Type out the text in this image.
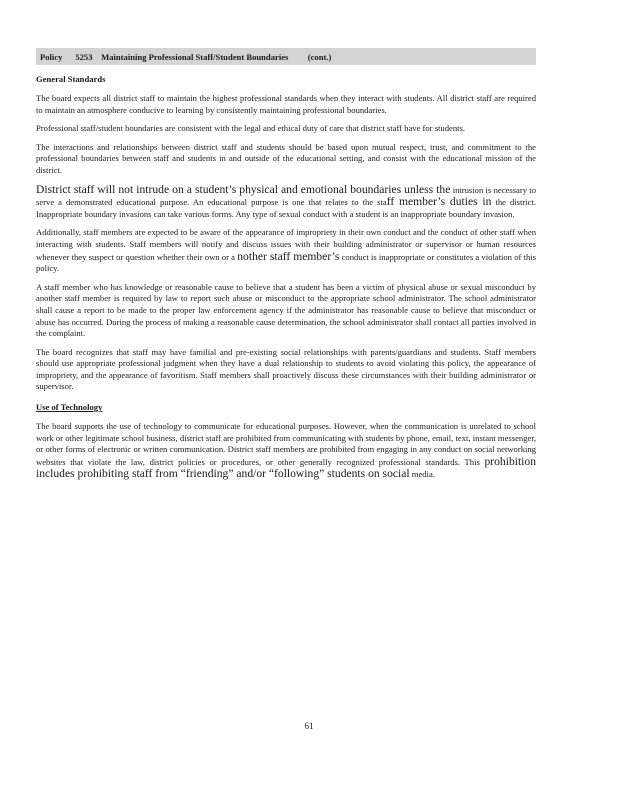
Policy
5253
Maintaining Professional Staff/Student Boundaries
(cont.)
General Standards

The board expects all district staff to maintain the highest professional standards when they interact with students. All district staff are required to maintain an atmosphere conducive to learning by consistently maintaining professional boundaries.

Professional staff/student boundaries are consistent with the legal and ethical duty of care that district staff have for students.

The interactions and relationships between district staff and students should be based upon mutual respect, trust, and commitment to the professional boundaries between staff and students in and outside of the educational setting, and consist with the educational mission of the district.

District staff will not intrude on a student’s physical and emotional boundaries unless the intrusion is necessary to serve a demonstrated educational purpose. An educational purpose is one that relates to the staff member’s duties in the district. Inappropriate boundary invasions can take various forms. Any type of sexual conduct with a student is an inappropriate boundary invasion.

Additionally, staff members are expected to be aware of the appearance of impropriety in their own conduct and the conduct of other staff when interacting with students. Staff members will notify and discuss issues with their building administrator or supervisor or human resources whenever they suspect or question whether their own or a nother staff member’s conduct is inappropriate or constitutes a violation of this policy.

A staff member who has knowledge or reasonable cause to believe that a student has been a victim of physical abuse or sexual misconduct by another staff member is required by law to report such abuse or misconduct to the appropriate school administrator. The school administrator shall cause a report to be made to the proper law enforcement agency if the administrator has reasonable cause to believe that misconduct or abuse has occurred. During the process of making a reasonable cause determination, the school administrator shall contact all parties involved in the complaint.

The board recognizes that staff may have familial and pre-existing social relationships with parents/guardians and students. Staff members should use appropriate professional judgment when they have a dual relationship to students to avoid violating this policy, the appearance of impropriety, and the appearance of favoritism. Staff members shall proactively discuss these circumstances with their building administrator or supervisor.

Use of Technology

The board supports the use of technology to communicate for educational purposes. However, when the communication is unrelated to school work or other legitimate school business, district staff are prohibited from communicating with students by phone, email, text, instant messenger, or other forms of electronic or written communication. District staff members are prohibited from engaging in any conduct on social networking websites that violate the law, district policies or procedures, or other generally recognized professional standards. This prohibition includes prohibiting staff from “friending” and/or “following” students on social media.

61
